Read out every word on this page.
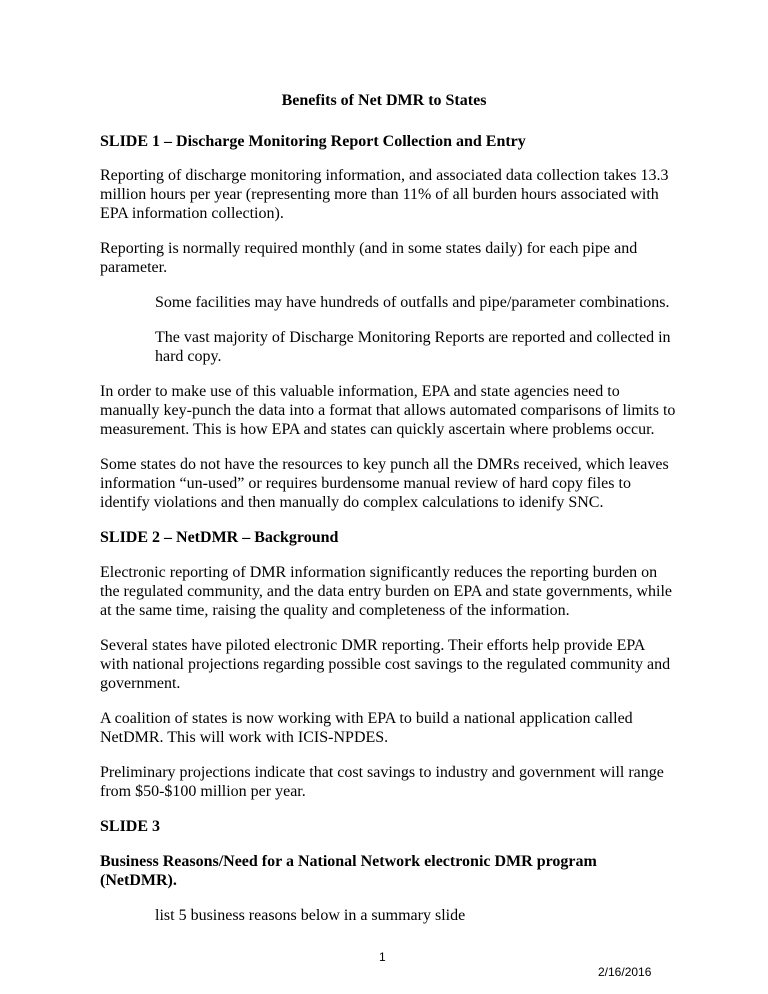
Benefits of Net DMR to States
SLIDE 1 – Discharge Monitoring Report Collection and Entry
Reporting of discharge monitoring information, and associated data collection takes 13.3
million hours per year (representing more than 11% of all burden hours associated with
EPA information collection).
Reporting is normally required monthly (and in some states daily) for each pipe and
parameter.
Some facilities may have hundreds of outfalls and pipe/parameter combinations.
The vast majority of Discharge Monitoring Reports are reported and collected in
hard copy.
In order to make use of this valuable information, EPA and state agencies need to
manually key-punch the data into a format that allows automated comparisons of limits to
measurement. This is how EPA and states can quickly ascertain where problems occur.
Some states do not have the resources to key punch all the DMRs received, which leaves
information “un-used” or requires burdensome manual review of hard copy files to
identify violations and then manually do complex calculations to idenify SNC.
SLIDE 2 – NetDMR – Background
Electronic reporting of DMR information significantly reduces the reporting burden on
the regulated community, and the data entry burden on EPA and state governments, while
at the same time, raising the quality and completeness of the information.
Several states have piloted electronic DMR reporting. Their efforts help provide EPA
with national projections regarding possible cost savings to the regulated community and
government.
A coalition of states is now working with EPA to build a national application called
NetDMR. This will work with ICIS-NPDES.
Preliminary projections indicate that cost savings to industry and government will range
from $50-$100 million per year.
SLIDE 3
Business Reasons/Need for a National Network electronic DMR program
(NetDMR).
list 5 business reasons below in a summary slide
1
2/16/2016
